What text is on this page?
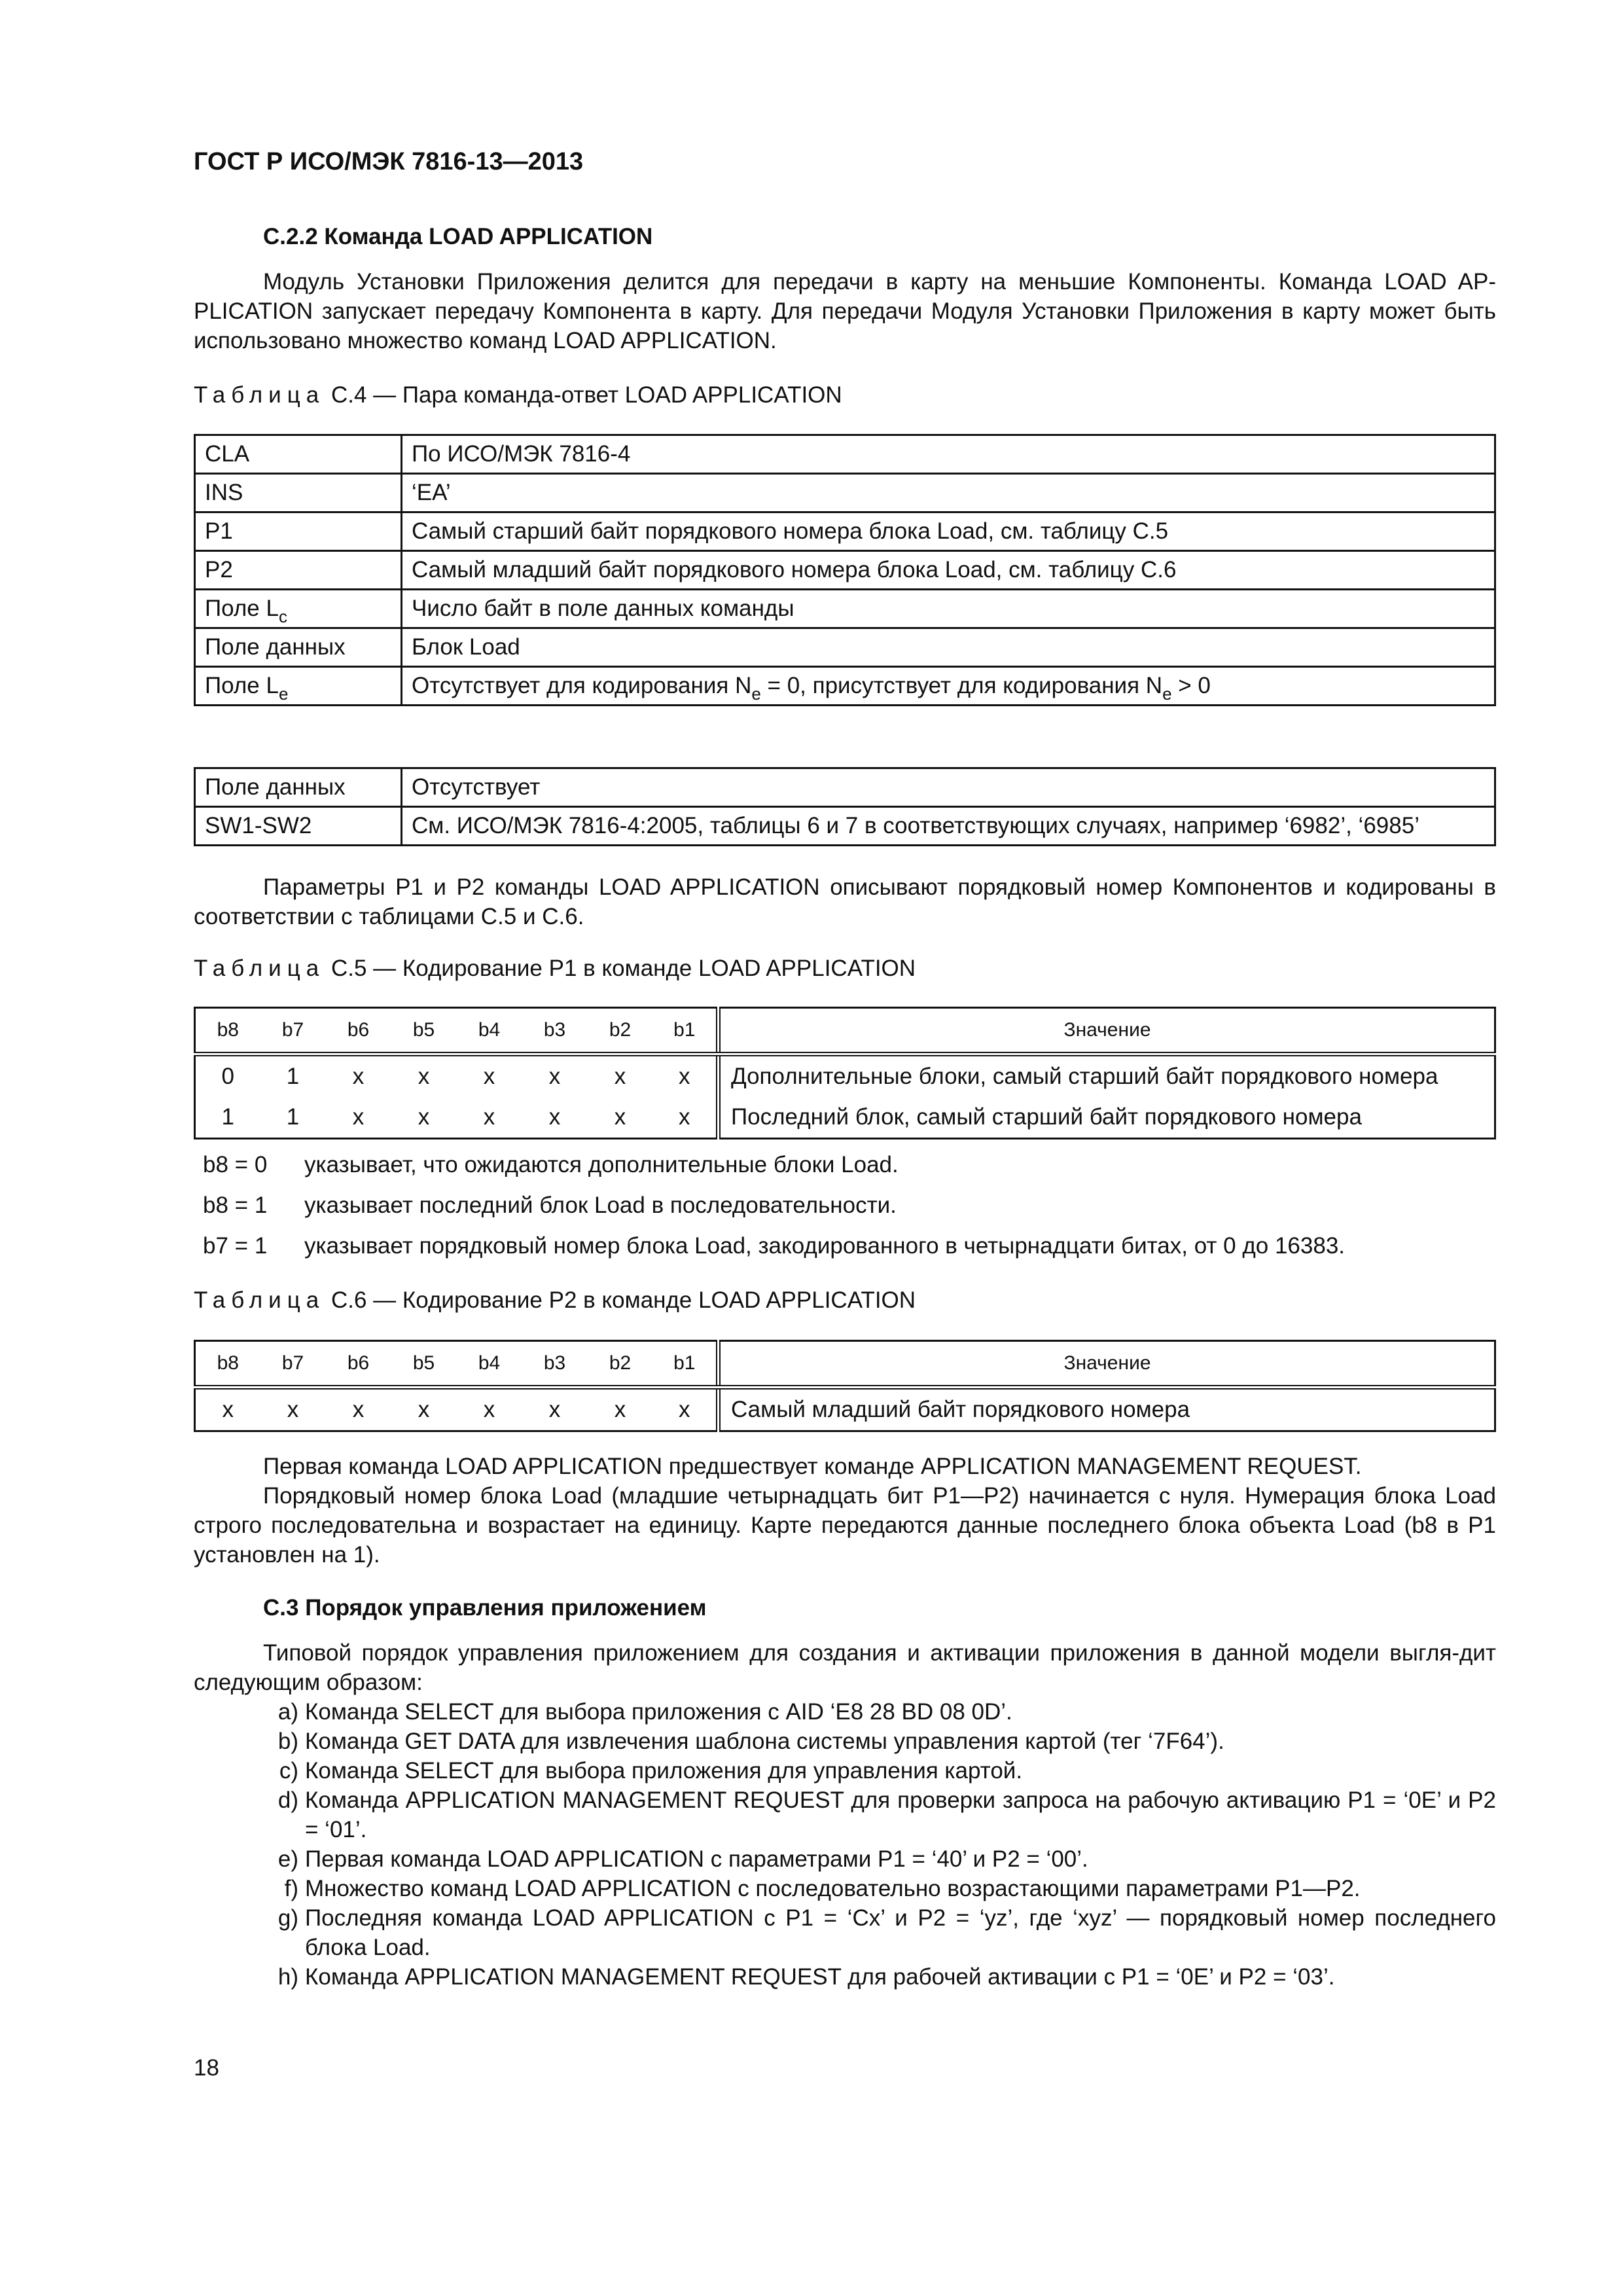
ГОСТ Р ИСО/МЭК 7816-13—2013
C.2.2 Команда LOAD APPLICATION

Модуль Установки Приложения делится для передачи в карту на меньшие Компоненты. Команда LOAD AP-PLICATION запускает передачу Компонента в карту. Для передачи Модуля Установки Приложения в карту может быть использовано множество команд LOAD APPLICATION.

Таблица C.4 — Пара команда-ответ LOAD APPLICATION
CLA	По ИСО/МЭК 7816-4
INS	‘EA’
P1	Самый старший байт порядкового номера блока Load, см. таблицу C.5
P2	Самый младший байт порядкового номера блока Load, см. таблицу C.6
Поле $L_c$	Число байт в поле данных команды
Поле данных	Блок Load
Поле $L_e$	Отсутствует для кодирования $N_e = 0$, присутствует для кодирования $N_e > 0$
Поле данных	Отсутствует
SW1-SW2	См. ИСО/МЭК 7816-4:2005, таблицы 6 и 7 в соответствующих случаях, например ‘6982’, ‘6985’

Параметры P1 и P2 команды LOAD APPLICATION описывают порядковый номер Компонентов и кодированы в соответствии с таблицами C.5 и C.6.

Таблица C.5 — Кодирование P1 в команде LOAD APPLICATION
b8	b7	b6	b5	b4	b3	b2	b1	Значение
0	1	x	x	x	x	x	x	Дополнительные блоки, самый старший байт порядкового номера
1	1	x	x	x	x	x	x	Последний блок, самый старший байт порядкового номера
b8 = 0 указывает, что ожидаются дополнительные блоки Load.
b8 = 1 указывает последний блок Load в последовательности.
b7 = 1 указывает порядковый номер блока Load, закодированного в четырнадцати битах, от 0 до 16383.
Таблица C.6 — Кодирование P2 в команде LOAD APPLICATION
b8	b7	b6	b5	b4	b3	b2	b1	Значение
x	x	x	x	x	x	x	x	Самый младший байт порядкового номера

Первая команда LOAD APPLICATION предшествует команде APPLICATION MANAGEMENT REQUEST.

Порядковый номер блока Load (младшие четырнадцать бит P1—P2) начинается с нуля. Нумерация блока Load строго последовательна и возрастает на единицу. Карте передаются данные последнего блока объекта Load (b8 в P1 установлен на 1).

C.3 Порядок управления приложением

Типовой порядок управления приложением для создания и активации приложения в данной модели выгля-дит следующим образом:

a) Команда SELECT для выбора приложения с AID ‘E8 28 BD 08 0D’.
b) Команда GET DATA для извлечения шаблона системы управления картой (тег ‘7F64’).
c) Команда SELECT для выбора приложения для управления картой.
d) Команда APPLICATION MANAGEMENT REQUEST для проверки запроса на рабочую активацию P1 = ‘0E’ и P2 = ‘01’.
e) Первая команда LOAD APPLICATION с параметрами P1 = ‘40’ и P2 = ‘00’.
f) Множество команд LOAD APPLICATION с последовательно возрастающими параметрами P1—P2.
g) Последняя команда LOAD APPLICATION с P1 = ‘Cx’ и P2 = ‘yz’, где ‘xyz’ — порядковый номер последнего блока Load.
h) Команда APPLICATION MANAGEMENT REQUEST для рабочей активации с P1 = ‘0E’ и P2 = ‘03’.
18
